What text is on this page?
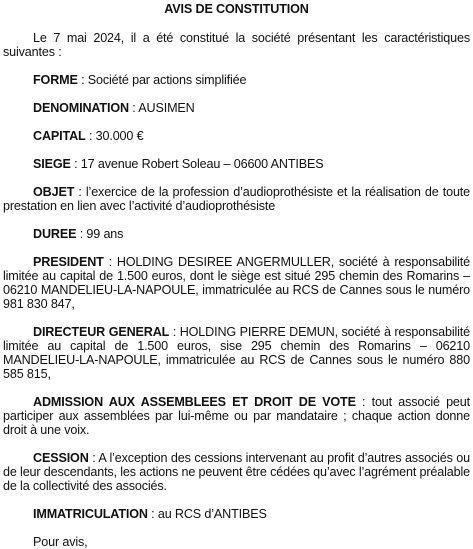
AVIS DE CONSTITUTION

Le 7 mai 2024, il a été constitué la société présentant les caractéristiques suivantes :

FORME : Société par actions simplifiée

DENOMINATION : AUSIMEN

CAPITAL : 30.000 €

SIEGE : 17 avenue Robert Soleau – 06600 ANTIBES

OBJET : l’exercice de la profession d’audioprothésiste et la réalisation de toute prestation en lien avec l’activité d’audioprothésiste

DUREE : 99 ans

PRESIDENT : HOLDING DESIREE ANGERMULLER, société à responsabilité limitée au capital de 1.500 euros, dont le siège est situé 295 chemin des Romarins – 06210 MANDELIEU-LA-NAPOULE, immatriculée au RCS de Cannes sous le numéro 981 830 847,

DIRECTEUR GENERAL : HOLDING PIERRE DEMUN, société à responsabilité limitée au capital de 1.500 euros, sise 295 chemin des Romarins – 06210 MANDELIEU-LA-NAPOULE, immatriculée au RCS de Cannes sous le numéro 880 585 815,

ADMISSION AUX ASSEMBLEES ET DROIT DE VOTE : tout associé peut participer aux assemblées par lui-même ou par mandataire ; chaque action donne droit à une voix.

CESSION : A l’exception des cessions intervenant au profit d’autres associés ou de leur descendants, les actions ne peuvent être cédées qu’avec l’agrément préalable de la collectivité des associés.

IMMATRICULATION : au RCS d’ANTIBES

Pour avis,
